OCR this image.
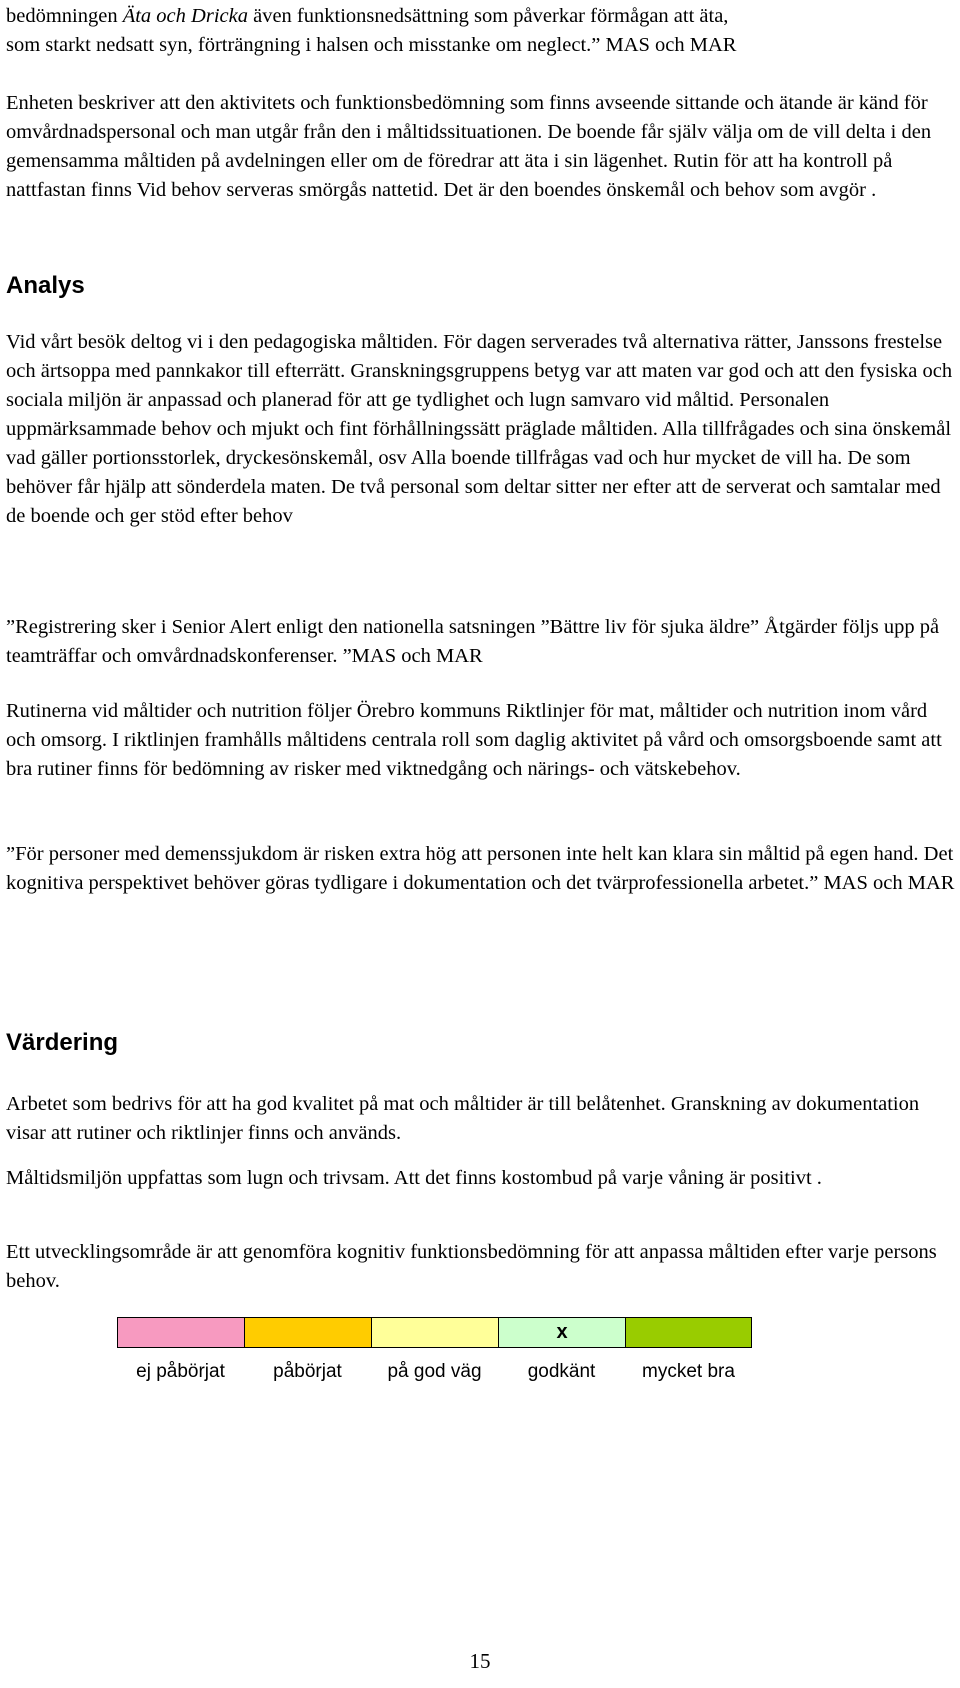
bedömningen Äta och Dricka även funktionsnedsättning som påverkar förmågan att äta,

som starkt nedsatt syn, förträngning i halsen och misstanke om neglect.” MAS och MAR

Enheten beskriver att den aktivitets och funktionsbedömning som finns avseende sittande och ätande är känd för omvårdnadspersonal och man utgår från den i måltidssituationen. De boende får själv välja om de vill delta i den gemensamma måltiden på avdelningen eller om de föredrar att äta i sin lägenhet. Rutin för att ha kontroll på nattfastan finns Vid behov serveras smörgås nattetid. Det är den boendes önskemål och behov som avgör .

Analys

Vid vårt besök deltog vi i den pedagogiska måltiden. För dagen serverades två alternativa rätter, Janssons frestelse och ärtsoppa med pannkakor till efterrätt. Granskningsgruppens betyg var att maten var god och att den fysiska och sociala miljön är anpassad och planerad för att ge tydlighet och lugn samvaro vid måltid. Personalen uppmärksammade behov och mjukt och fint förhållningssätt präglade måltiden. Alla tillfrågades och sina önskemål vad gäller portionsstorlek, dryckesönskemål, osv Alla boende tillfrågas vad och hur mycket de vill ha. De som behöver får hjälp att sönderdela maten. De två personal som deltar sitter ner efter att de serverat och samtalar med de boende och ger stöd efter behov

”Registrering sker i Senior Alert enligt den nationella satsningen ”Bättre liv för sjuka äldre” Åtgärder följs upp på teamträffar och omvårdnadskonferenser. ”MAS och MAR

Rutinerna vid måltider och nutrition följer Örebro kommuns Riktlinjer för mat, måltider och nutrition inom vård och omsorg. I riktlinjen framhålls måltidens centrala roll som daglig aktivitet på vård och omsorgsboende samt att bra rutiner finns för bedömning av risker med viktnedgång och närings- och vätskebehov.

”För personer med demenssjukdom är risken extra hög att personen inte helt kan klara sin måltid på egen hand. Det kognitiva perspektivet behöver göras tydligare i dokumentation och det tvärprofessionella arbetet.” MAS och MAR

Värdering

Arbetet som bedrivs för att ha god kvalitet på mat och måltider är till belåtenhet. Granskning av dokumentation visar att rutiner och riktlinjer finns och används.

Måltidsmiljön uppfattas som lugn och trivsam. Att det finns kostombud på varje våning är positivt .

Ett utvecklingsområde är att genomföra kognitiv funktionsbedömning för att anpassa måltiden efter varje persons behov.

x
ej påbörjat	påbörjat	på god väg	godkänt	mycket bra
15
